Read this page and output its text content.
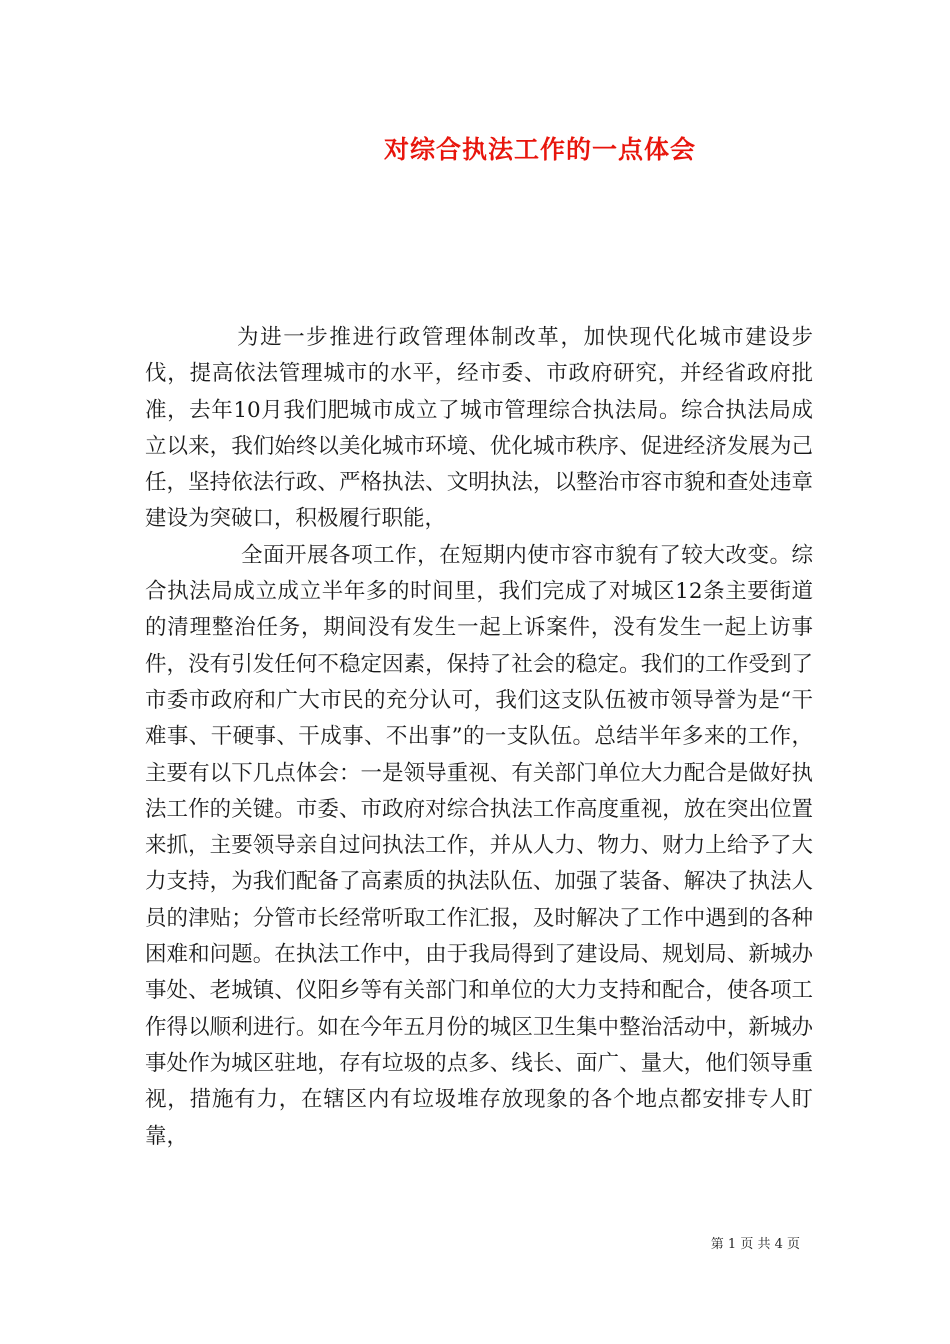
对综合执法工作的一点体会

为进一步推进行政管理体制改革，加快现代化城市建设步伐，提高依法管理城市的水平，经市委、市政府研究，并经省政府批准，去年10月我们肥城市成立了城市管理综合执法局。综合执法局成立以来，我们始终以美化城市环境、优化城市秩序、促进经济发展为己任，坚持依法行政、严格执法、文明执法，以整治市容市貌和查处违章建设为突破口，积极履行职能，

全面开展各项工作，在短期内使市容市貌有了较大改变。综合执法局成立成立半年多的时间里，我们完成了对城区12条主要街道的清理整治任务，期间没有发生一起上诉案件，没有发生一起上访事件，没有引发任何不稳定因素，保持了社会的稳定。我们的工作受到了市委市政府和广大市民的充分认可，我们这支队伍被市领导誉为是“干难事、干硬事、干成事、不出事”的一支队伍。总结半年多来的工作，主要有以下几点体会：一是领导重视、有关部门单位大力配合是做好执法工作的关键。市委、市政府对综合执法工作高度重视，放在突出位置来抓，主要领导亲自过问执法工作，并从人力、物力、财力上给予了大力支持，为我们配备了高素质的执法队伍、加强了装备、解决了执法人员的津贴；分管市长经常听取工作汇报，及时解决了工作中遇到的各种困难和问题。在执法工作中，由于我局得到了建设局、规划局、新城办事处、老城镇、仪阳乡等有关部门和单位的大力支持和配合，使各项工作得以顺利进行。如在今年五月份的城区卫生集中整治活动中，新城办事处作为城区驻地，存有垃圾的点多、线长、面广、量大，他们领导重视，措施有力，在辖区内有垃圾堆存放现象的各个地点都安排专人盯靠，

第 1 页 共 4 页
